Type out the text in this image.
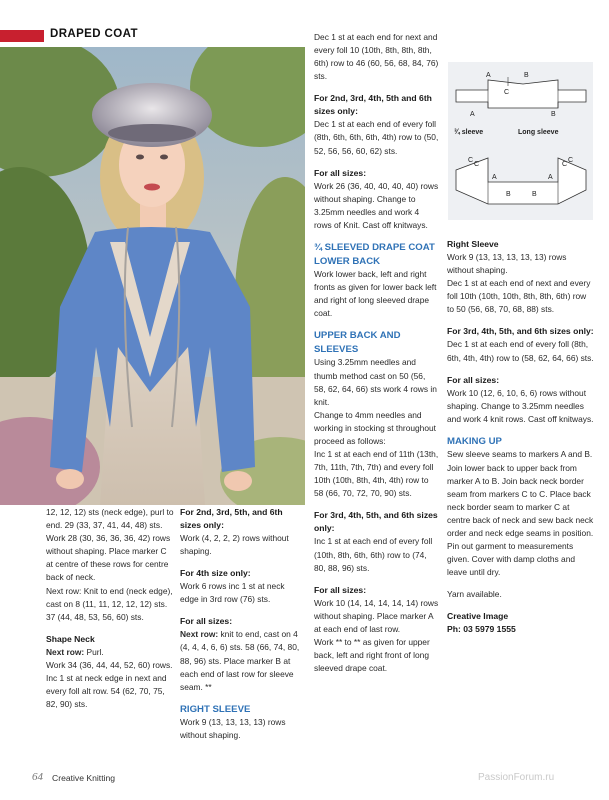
DRAPED COAT

12, 12, 12) sts (neck edge), purl to end. 29 (33, 37, 41, 44, 48) sts.

Work 28 (30, 36, 36, 36, 42) rows without shaping. Place marker C at centre of these rows for centre back of neck.

Next row: Knit to end (neck edge), cast on 8 (11, 11, 12, 12, 12) sts. 37 (44, 48, 53, 56, 60) sts.

Shape Neck

Next row: Purl.

Work 34 (36, 44, 44, 52, 60) rows.

Inc 1 st at neck edge in next and every foll alt row. 54 (62, 70, 75, 82, 90) sts.

For 2nd, 3rd, 5th, and 6th sizes only:

Work (4, 2, 2, 2) rows without shaping.

For 4th size only:

Work 6 rows inc 1 st at neck edge in 3rd row (76) sts.

For all sizes:

Next row: knit to end, cast on 4 (4, 4, 4, 6, 6) sts. 58 (66, 74, 80, 88, 96) sts. Place marker B at each end of last row for sleeve seam. **

RIGHT SLEEVE

Work 9 (13, 13, 13, 13) rows without shaping.

Dec 1 st at each end for next and every foll 10 (10th, 8th, 8th, 8th, 6th) row to 46 (60, 56, 68, 84, 76) sts.

For 2nd, 3rd, 4th, 5th and 6th sizes only:

Dec 1 st at each end of every foll (8th, 6th, 6th, 6th, 4th) row to (50, 52, 56, 56, 60, 62) sts.

For all sizes:

Work 26 (36, 40, 40, 40, 40) rows without shaping. Change to 3.25mm needles and work 4 rows of Knit. Cast off knitways.

¾ SLEEVED DRAPE COAT LOWER BACK

Work lower back, left and right fronts as given for lower back left and right of long sleeved drape coat.

UPPER BACK AND SLEEVES

Using 3.25mm needles and thumb method cast on 50 (56, 58, 62, 64, 66) sts work 4 rows in knit.

Change to 4mm needles and working in stocking st throughout proceed as follows:

Inc 1 st at each end of 11th (13th, 7th, 11th, 7th, 7th) and every foll 10th (10th, 8th, 4th, 4th) row to 58 (66, 70, 72, 70, 90) sts.

For 3rd, 4th, 5th, and 6th sizes only:

Inc 1 st at each end of every foll (10th, 8th, 6th, 6th) row to (74, 80, 88, 96) sts.

For all sizes:

Work 10 (14, 14, 14, 14, 14) rows without shaping. Place marker A at each end of last row.

Work ** to ** as given for upper back, left and right front of long sleeved drape coat.

A	B
C
A	B
¾ sleeve	Long sleeve
C
C	C
C
A	A
B	B

Right Sleeve

Work 9 (13, 13, 13, 13, 13) rows without shaping.

Dec 1 st at each end of next and every foll 10th (10th, 10th, 8th, 8th, 6th) row to 50 (56, 68, 70, 68, 88) sts.

For 3rd, 4th, 5th, and 6th sizes only:

Dec 1 st at each end of every foll (8th, 6th, 4th, 4th) row to (58, 62, 64, 66) sts.

For all sizes:

Work 10 (12, 6, 10, 6, 6) rows without shaping. Change to 3.25mm needles and work 4 knit rows. Cast off knitways.

MAKING UP

Sew sleeve seams to markers A and B. Join lower back to upper back from marker A to B. Join back neck border seam from markers C to C. Place back neck border seam to marker C at centre back of neck and sew back neck order and neck edge seams in position. Pin out garment to measurements given. Cover with damp cloths and leave until dry.

Yarn available.

Creative Image

Ph: 03 5979 1555

64 Creative Knitting	PassionForum.ru
